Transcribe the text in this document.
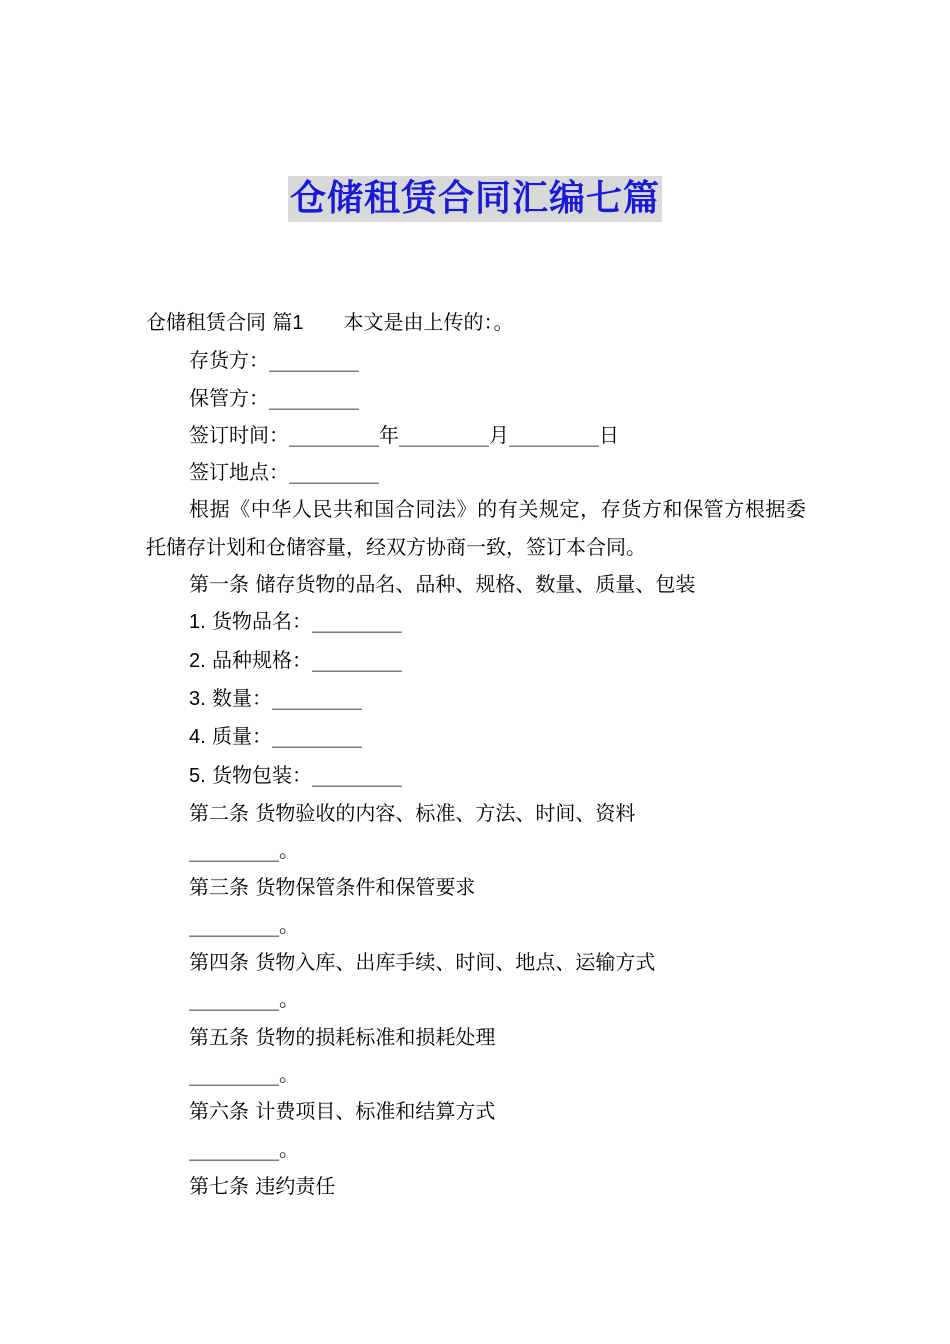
仓储租赁合同汇编七篇
仓储租赁合同 篇1 本文是由上传的：。
存货方：_________
保管方：_________
签订时间：_________年_________月_________日
签订地点：_________
根据《中华人民共和国合同法》的有关规定，存货方和保管方根据委托储存计划和仓储容量，经双方协商一致，签订本合同。
第一条 储存货物的品名、品种、规格、数量、质量、包装
1. 货物品名：_________
2. 品种规格：_________
3. 数量：_________
4. 质量：_________
5. 货物包装：_________
第二条 货物验收的内容、标准、方法、时间、资料
_________。
第三条 货物保管条件和保管要求
_________。
第四条 货物入库、出库手续、时间、地点、运输方式
_________。
第五条 货物的损耗标准和损耗处理
_________。
第六条 计费项目、标准和结算方式
_________。
第七条 违约责任
